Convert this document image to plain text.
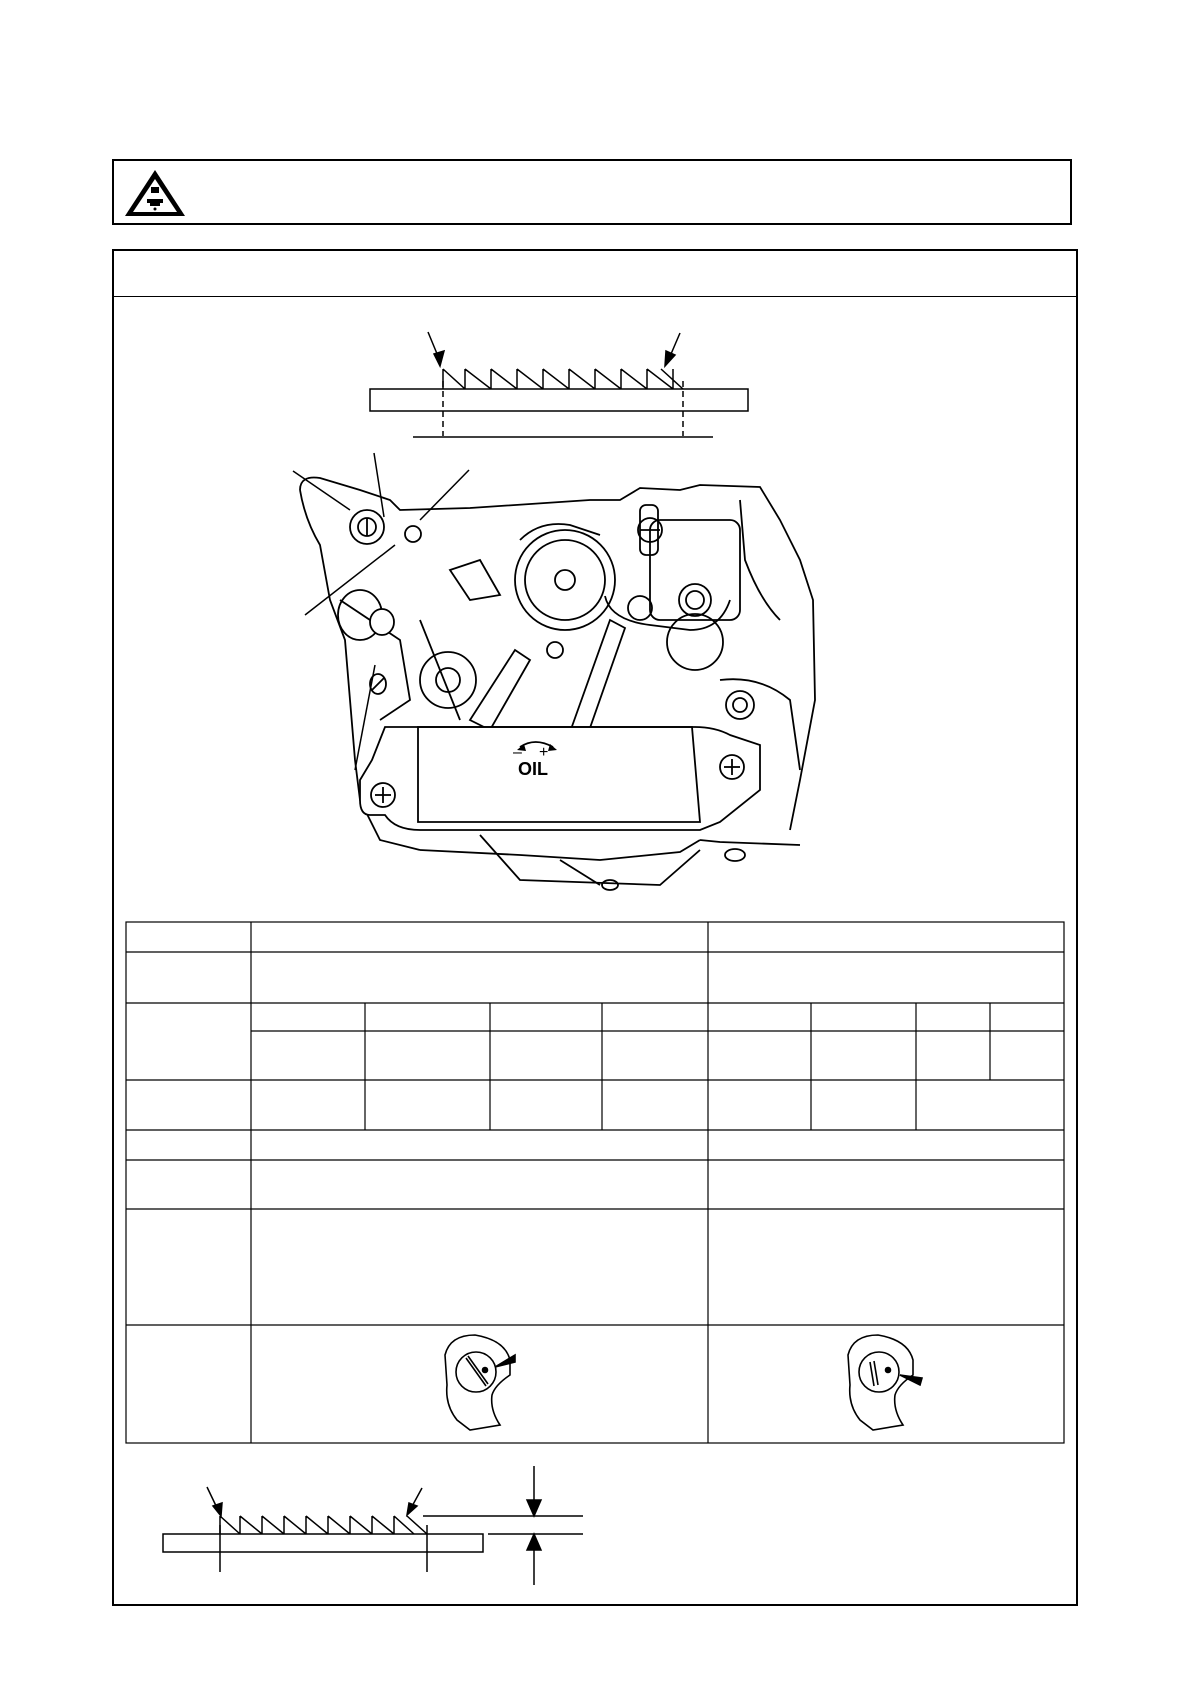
OIL
– +
